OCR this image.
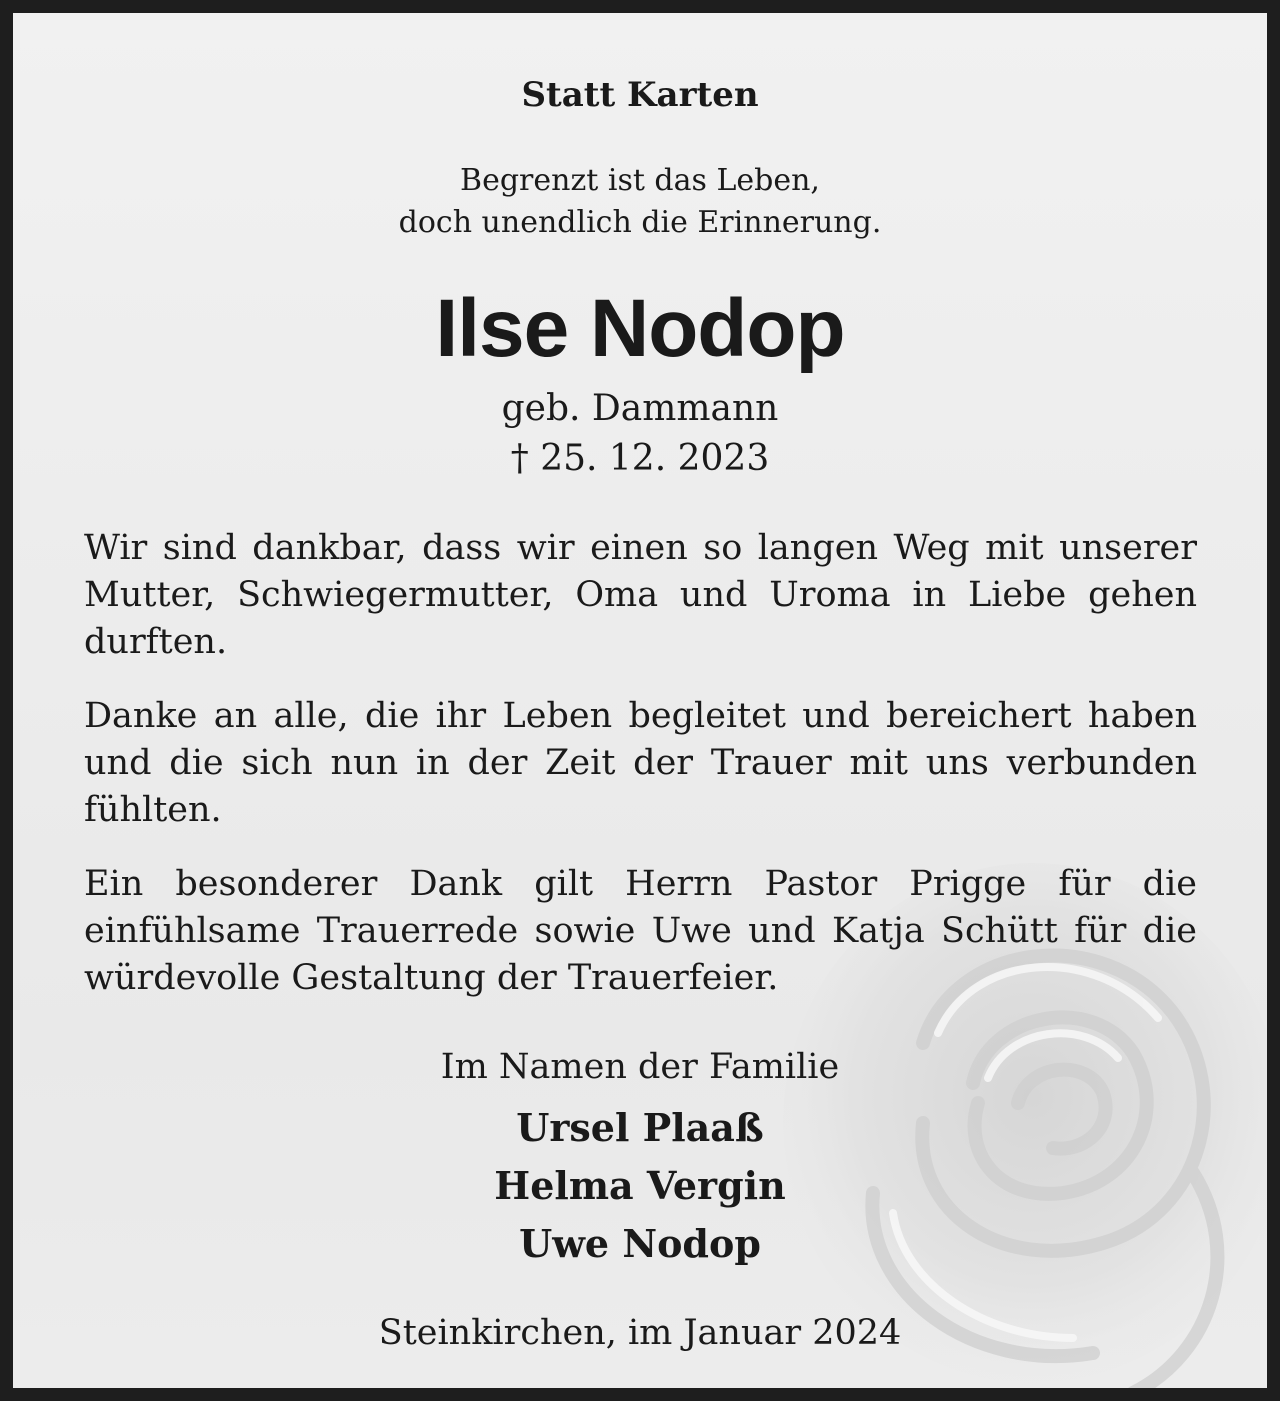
Statt Karten
Begrenzt ist das Leben,
doch unendlich die Erinnerung.
Ilse Nodop
geb. Dammann
† 25. 12. 2023

Wir sind dankbar, dass wir einen so langen Weg mit unserer Mutter, Schwiegermutter, Oma und Uroma in Liebe gehen durften.

Danke an alle, die ihr Leben begleitet und bereichert haben und die sich nun in der Zeit der Trauer mit uns verbunden fühlten.

Ein besonderer Dank gilt Herrn Pastor Prigge für die einfühlsame Trauerrede sowie Uwe und Katja Schütt für die würdevolle Gestaltung der Trauerfeier.

Im Namen der Familie
Ursel Plaaß
Helma Vergin
Uwe Nodop
Steinkirchen, im Januar 2024
